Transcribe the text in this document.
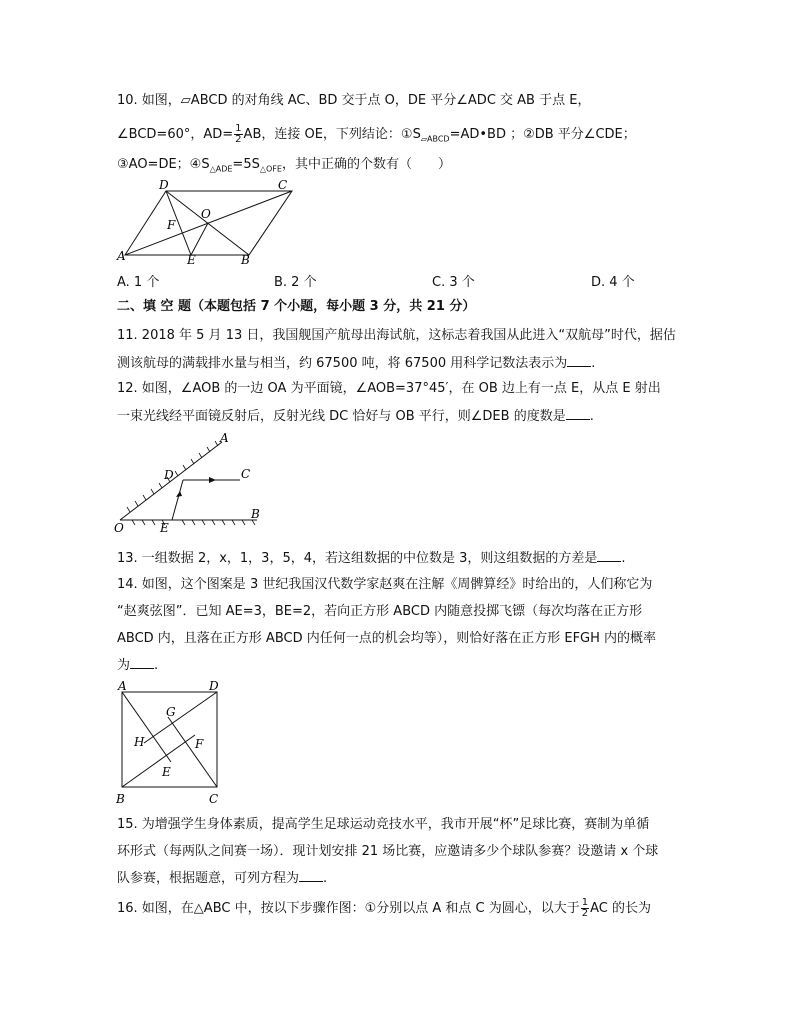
10. 如图，▱ABCD 的对角线 AC、BD 交于点 O，DE 平分∠ADC 交 AB 于点 E，
∠BCD=60°，$AD= \frac{1}{2}$ AB，连接 OE，下列结论：$①S_{▱ABCD}=AD•BD$ ；②DB 平分∠CDE；
③AO=DE；$④S_{\triangle ADE}=5S_{\triangle OFE}$，其中正确的个数有（　　）
D	C
O
F
A	E	B
A. 1 个	B. 2 个	C. 3 个	D. 4 个
二、填 空 题（本题包括 7 个小题，每小题 3 分，共 21 分）
11. 2018 年 5 月 13 日，我国舰国产航母出海试航，这标志着我国从此进入“双航母”时代，据估
测该航母的满载排水量与相当，约 67500 吨，将 67500 用科学记数法表示为 .
12. 如图，∠AOB 的一边 OA 为平面镜，∠AOB=37°45′，在 OB 边上有一点 E，从点 E 射出
一束光线经平面镜反射后，反射光线 DC 恰好与 OB 平行，则∠DEB 的度数是 .
A
D	C
O	E
B
13. 一组数据 2，x，1，3，5，4，若这组数据的中位数是 3，则这组数据的方差是 .
14. 如图，这个图案是 3 世纪我国汉代数学家赵爽在注解《周髀算经》时给出的，人们称它为
“赵爽弦图”．已知 AE=3，BE=2，若向正方形 ABCD 内随意投掷飞镖（每次均落在正方形
ABCD 内，且落在正方形 ABCD 内任何一点的机会均等），则恰好落在正方形 EFGH 内的概率
为 .
A	D
G
H	F
E
B	C
15. 为增强学生身体素质，提高学生足球运动竞技水平，我市开展“杯”足球比赛，赛制为单循
环形式（每两队之间赛一场）．现计划安排 21 场比赛，应邀请多少个球队参赛？设邀请 x 个球
队参赛，根据题意，可列方程为 .
16. 如图，在△ABC 中，按以下步骤作图：①分别以点 A 和点 C 为圆心，以大于 $\frac{1}{2}$ AC 的长为
